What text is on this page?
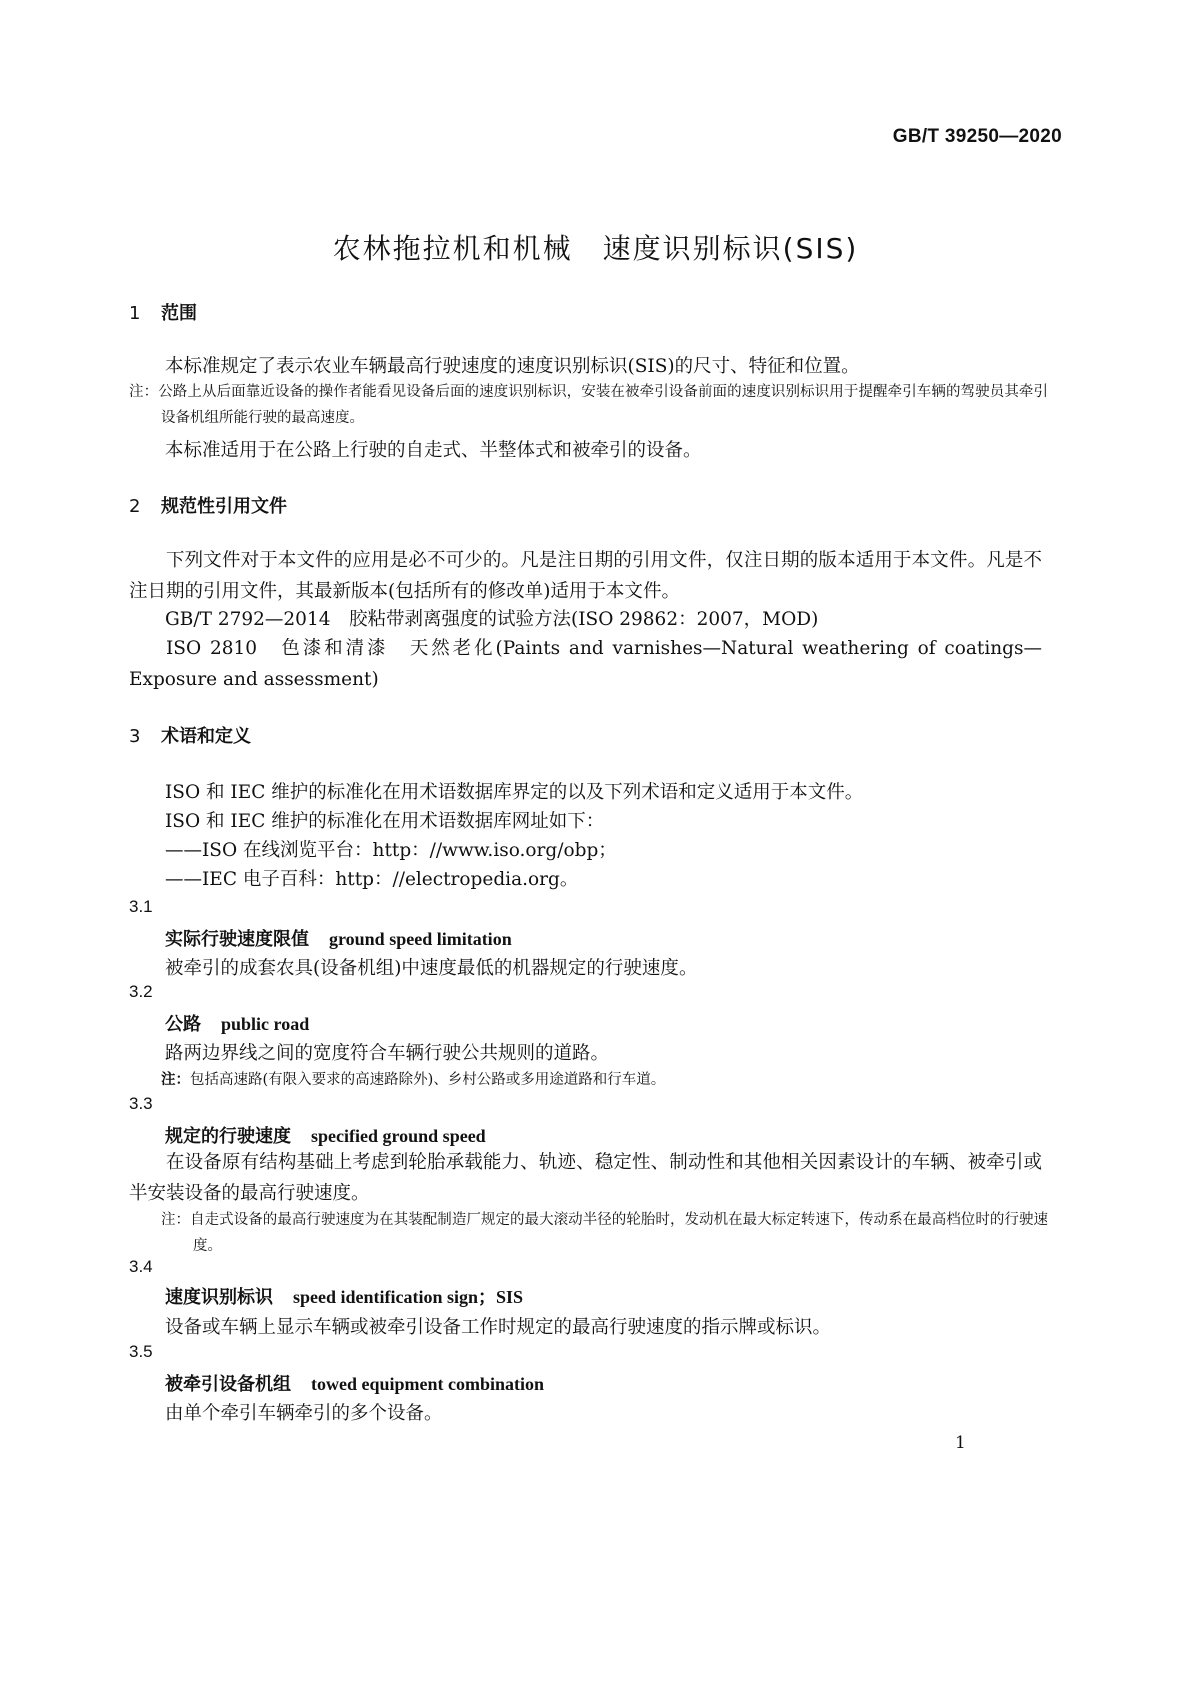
GB/T 39250—2020
农林拖拉机和机械　速度识别标识(SIS)
1 范围
本标准规定了表示农业车辆最高行驶速度的速度识别标识(SIS)的尺寸、特征和位置。
注：公路上从后面靠近设备的操作者能看见设备后面的速度识别标识，安装在被牵引设备前面的速度识别标识用于提醒牵引车辆的驾驶员其牵引设备机组所能行驶的最高速度。
本标准适用于在公路上行驶的自走式、半整体式和被牵引的设备。
2 规范性引用文件
下列文件对于本文件的应用是必不可少的。凡是注日期的引用文件，仅注日期的版本适用于本文件。凡是不注日期的引用文件，其最新版本(包括所有的修改单)适用于本文件。
GB/T 2792—2014　胶粘带剥离强度的试验方法(ISO 29862：2007，MOD)
ISO 2810　色漆和清漆　天然老化(Paints and varnishes—Natural weathering of coatings—Exposure and assessment)
3 术语和定义
ISO 和 IEC 维护的标准化在用术语数据库界定的以及下列术语和定义适用于本文件。
ISO 和 IEC 维护的标准化在用术语数据库网址如下：
——ISO 在线浏览平台：http：//www.iso.org/obp；
——IEC 电子百科：http：//electropedia.org。
3.1
实际行驶速度限值 ground speed limitation
被牵引的成套农具(设备机组)中速度最低的机器规定的行驶速度。
3.2
公路 public road
路两边界线之间的宽度符合车辆行驶公共规则的道路。
注：包括高速路(有限入要求的高速路除外)、乡村公路或多用途道路和行车道。
3.3
规定的行驶速度 specified ground speed
在设备原有结构基础上考虑到轮胎承载能力、轨迹、稳定性、制动性和其他相关因素设计的车辆、被牵引或半安装设备的最高行驶速度。
注：自走式设备的最高行驶速度为在其装配制造厂规定的最大滚动半径的轮胎时，发动机在最大标定转速下，传动系在最高档位时的行驶速度。
3.4
速度识别标识 speed identification sign；SIS
设备或车辆上显示车辆或被牵引设备工作时规定的最高行驶速度的指示牌或标识。
3.5
被牵引设备机组 towed equipment combination
由单个牵引车辆牵引的多个设备。
1
